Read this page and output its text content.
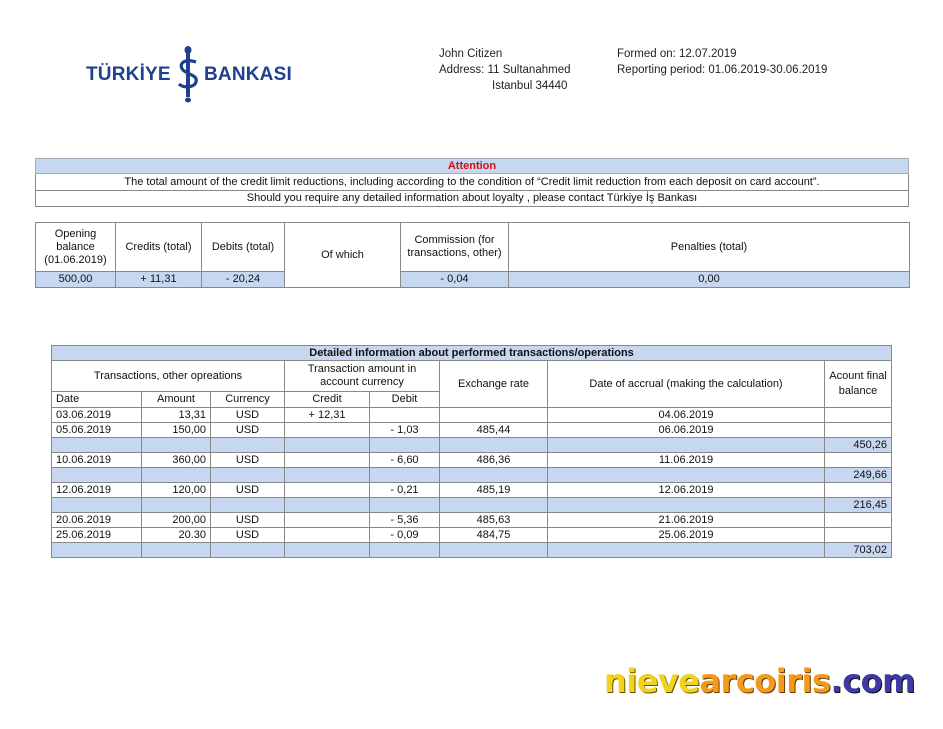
TÜRKİYE BANKASI
John Citizen
Address: 11 Sultanahmed
Istanbul 34440
Formed on: 12.07.2019
Reporting period: 01.06.2019-30.06.2019
Attention
The total amount of the credit limit reductions, including according to the condition of “Credit limit reduction from each deposit on card account”.
Should you require any detailed information about loyalty , please contact Türkiye İş Bankası
Opening balance (01.06.2019)	Credits (total)	Debits (total)	Of which	Commission (for transactions, other)	Penalties (total)
500,00	+ 11,31	- 20,24		- 0,04	0,00
Detailed information about performed transactions/operations							
Transactions, other opreations			Transaction amount in account currency		Exchange rate	Date of accrual (making the calculation)	Acount final balance
Date	Amount	Currency	Credit	Debit			
03.06.2019	13,31	USD	+ 12,31			04.06.2019	
05.06.2019	150,00	USD		- 1,03	485,44	06.06.2019	
							450,26
10.06.2019	360,00	USD		- 6,60	486,36	11.06.2019	
							249,66
12.06.2019	120,00	USD		- 0,21	485,19	12.06.2019	
							216,45
20.06.2019	200,00	USD		- 5,36	485,63	21.06.2019	
25.06.2019	20.30	USD		- 0,09	484,75	25.06.2019	
							703,02
nievearcoiris.com
